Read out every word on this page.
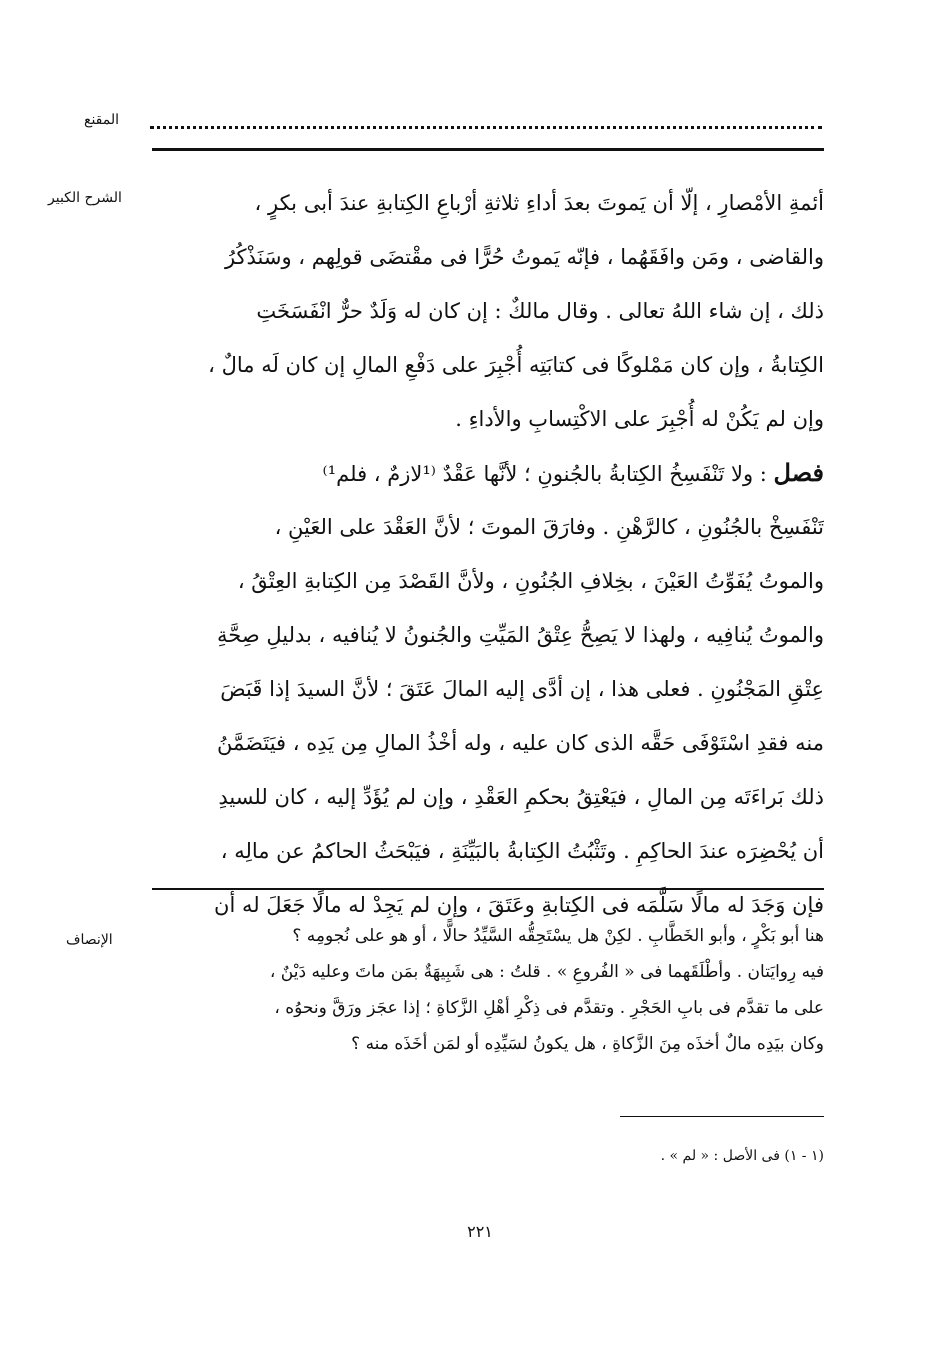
المقنع
الشرح الكبير
الإنصاف
أئمةِ الأمْصارِ ، إلّا أن يَموتَ بعدَ أداءِ ثلاثةِ أرْباعِ الكِتابةِ عندَ أبى بكرٍ ،
والقاضى ، ومَن وافَقَهُما ، فإنّه يَموتُ حُرًّا فى مقْتضَى قولِهم ، وسَنَذْكُرُ
ذلك ، إن شاء اللهُ تعالى . وقال مالكٌ : إن كان له وَلَدٌ حرٌّ انْفَسَخَتِ
الكِتابةُ ، وإن كان مَمْلوكًا فى كتابَتِه أُجْبِرَ على دَفْعِ المالِ إن كان لَه مالٌ ،
وإن لم يَكُنْ له أُجْبِرَ على الاكْتِسابِ والأداءِ .
فصل : ولا تَنْفَسِخُ الكِتابةُ بالجُنونِ ؛ لأنَّها عَقْدٌ ⁽¹لازمٌ ، فلم¹⁾
تَنْفَسِخْ بالجُنُونِ ، كالرَّهْنِ . وفارَقَ الموتَ ؛ لأنَّ العَقْدَ على العَيْنِ ،
والموتُ يُفَوِّتُ العَيْنَ ، بخِلافِ الجُنُونِ ، ولأنَّ القَصْدَ مِن الكِتابةِ العِتْقُ ،
والموتُ يُنافِيه ، ولهذا لا يَصِحُّ عِتْقُ المَيِّتِ والجُنونُ لا يُنافيه ، بدليلِ صِحَّةِ
عِتْقِ المَجْنُونِ . فعلى هذا ، إن أدَّى إليه المالَ عَتَقَ ؛ لأنَّ السيدَ إذا قَبَضَ
منه فقدِ اسْتَوْفَى حَقَّه الذى كان عليه ، وله أخْذُ المالِ مِن يَدِه ، فيَتَضَمَّنُ
ذلك بَراءَتَه مِن المالِ ، فيَعْتِقُ بحكمِ العَقْدِ ، وإن لم يُؤَدِّ إليه ، كان للسيدِ
أن يُحْضِرَه عندَ الحاكِمِ . وتَثْبُتُ الكِتابةُ بالبَيِّنَةِ ، فيَبْحَثُ الحاكمُ عن مالِه ،
فإن وَجَدَ له مالًا سَلَّمَه فى الكِتابةِ وعَتَقَ ، وإن لم يَجِدْ له مالًا جَعَلَ له أن
هنا أبو بَكْرٍ ، وأبو الخَطَّابِ . لكِنْ هل يسْتَحِقُّه السَّيِّدُ حالًّا ، أو هو على نُجومِه ؟
فيه رِوايَتان . وأطْلَقَهما فى « الفُروعِ » . قلتُ : هى شَبِيهَةٌ بمَن ماتَ وعليه دَيْنٌ ،
على ما تقدَّم فى بابِ الحَجْرِ . وتقدَّم فى ذِكْرِ أهْلِ الزَّكاةِ ؛ إذا عجَز ورَقَّ ونحوُه ،
وكان بيَدِه مالٌ أخذَه مِنَ الزَّكاةِ ، هل يكونُ لسَيِّدِه أو لمَن أخَذَه منه ؟
(١ - ١) فى الأصل : « لم » .
٢٢١
